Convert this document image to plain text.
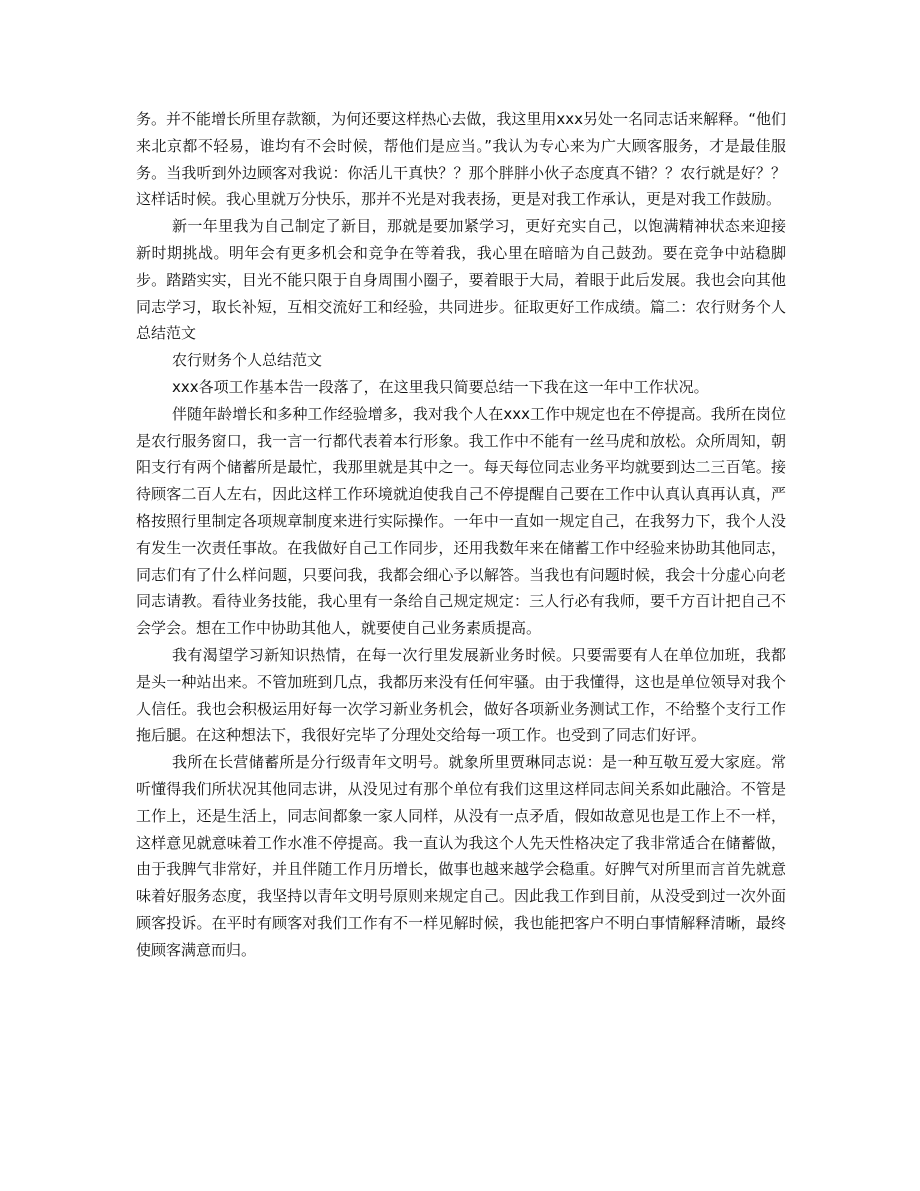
务。并不能增长所里存款额，为何还要这样热心去做，我这里用xxx另处一名同志话来解释。“他们来北京都不轻易，谁均有不会时候，帮他们是应当。”我认为专心来为广大顾客服务，才是最佳服务。当我听到外边顾客对我说：你活儿干真快？？那个胖胖小伙子态度真不错？？农行就是好？？这样话时候。我心里就万分快乐，那并不光是对我表扬，更是对我工作承认，更是对我工作鼓励。

新一年里我为自己制定了新目，那就是要加紧学习，更好充实自己，以饱满精神状态来迎接新时期挑战。明年会有更多机会和竞争在等着我，我心里在暗暗为自己鼓劲。要在竞争中站稳脚步。踏踏实实，目光不能只限于自身周围小圈子，要着眼于大局，着眼于此后发展。我也会向其他同志学习，取长补短，互相交流好工和经验，共同进步。征取更好工作成绩。篇二：农行财务个人总结范文

农行财务个人总结范文

xxx各项工作基本告一段落了，在这里我只简要总结一下我在这一年中工作状况。

伴随年龄增长和多种工作经验增多，我对我个人在xxx工作中规定也在不停提高。我所在岗位是农行服务窗口，我一言一行都代表着本行形象。我工作中不能有一丝马虎和放松。众所周知，朝阳支行有两个储蓄所是最忙，我那里就是其中之一。每天每位同志业务平均就要到达二三百笔。接待顾客二百人左右，因此这样工作环境就迫使我自己不停提醒自己要在工作中认真认真再认真，严格按照行里制定各项规章制度来进行实际操作。一年中一直如一规定自己，在我努力下，我个人没有发生一次责任事故。在我做好自己工作同步，还用我数年来在储蓄工作中经验来协助其他同志，同志们有了什么样问题，只要问我，我都会细心予以解答。当我也有问题时候，我会十分虚心向老同志请教。看待业务技能，我心里有一条给自己规定规定：三人行必有我师，要千方百计把自己不会学会。想在工作中协助其他人，就要使自己业务素质提高。

我有渴望学习新知识热情，在每一次行里发展新业务时候。只要需要有人在单位加班，我都是头一种站出来。不管加班到几点，我都历来没有任何牢骚。由于我懂得，这也是单位领导对我个人信任。我也会积极运用好每一次学习新业务机会，做好各项新业务测试工作，不给整个支行工作拖后腿。在这种想法下，我很好完毕了分理处交给每一项工作。也受到了同志们好评。

我所在长营储蓄所是分行级青年文明号。就象所里贾琳同志说：是一种互敬互爱大家庭。常听懂得我们所状况其他同志讲，从没见过有那个单位有我们这里这样同志间关系如此融洽。不管是工作上，还是生活上，同志间都象一家人同样，从没有一点矛盾，假如故意见也是工作上不一样，这样意见就意味着工作水准不停提高。我一直认为我这个人先天性格决定了我非常适合在储蓄做，由于我脾气非常好，并且伴随工作月历增长，做事也越来越学会稳重。好脾气对所里而言首先就意味着好服务态度，我坚持以青年文明号原则来规定自己。因此我工作到目前，从没受到过一次外面顾客投诉。在平时有顾客对我们工作有不一样见解时候，我也能把客户不明白事情解释清晰，最终使顾客满意而归。
